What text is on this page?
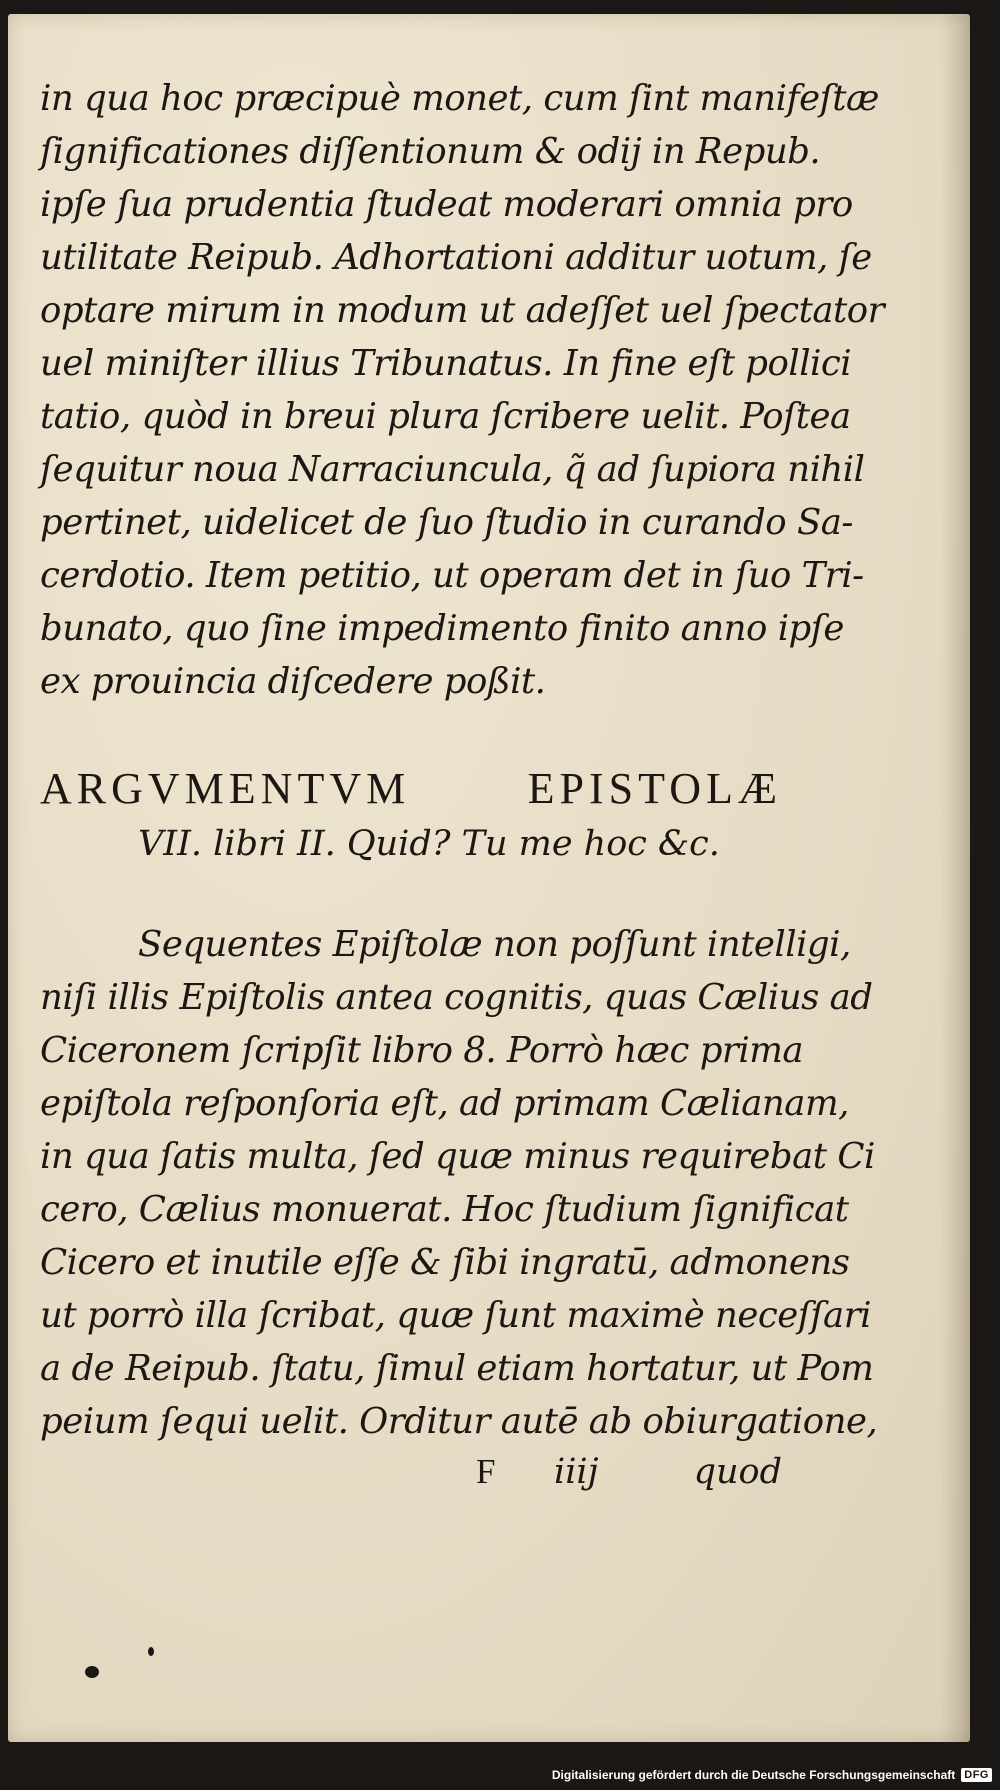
in qua hoc præcipuè monet, cum ſint manifeſtæ
ſignificationes diſſentionum & odij in Repub.
ipſe ſua prudentia ſtudeat moderari omnia pro
utilitate Reipub. Adhortationi additur uotum, ſe
optare mirum in modum ut adeſſet uel ſpectator
uel miniſter illius Tribunatus. In fine eſt pollici
tatio, quòd in breui plura ſcribere uelit. Poſtea
ſequitur noua Narraciuncula, q̃ ad ſupiora nihil
pertinet, uidelicet de ſuo ſtudio in curando Sa-
cerdotio. Item petitio, ut operam det in ſuo Tri-
bunato, quo ſine impedimento finito anno ipſe
ex prouincia diſcedere poßit.
ARGVMENTVM EPISTOLÆ
VII. libri II. Quid? Tu me hoc &c.
Sequentes Epiſtolæ non poſſunt intelligi,
niſi illis Epiſtolis antea cognitis, quas Cælius ad
Ciceronem ſcripſit libro 8. Porrò hæc prima
epiſtola reſponſoria eſt, ad primam Cælianam,
in qua ſatis multa, ſed quæ minus requirebat Ci
cero, Cælius monuerat. Hoc ſtudium ſignificat
Cicero et inutile eſſe & ſibi ingratū, admonens
ut porrò illa ſcribat, quæ ſunt maximè neceſſari
a de Reipub. ſtatu, ſimul etiam hortatur, ut Pom
peium ſequi uelit. Orditur autē ab obiurgatione,
F iiij	quod
Digitalisierung gefördert durch die Deutsche Forschungsgemeinschaft DFG
